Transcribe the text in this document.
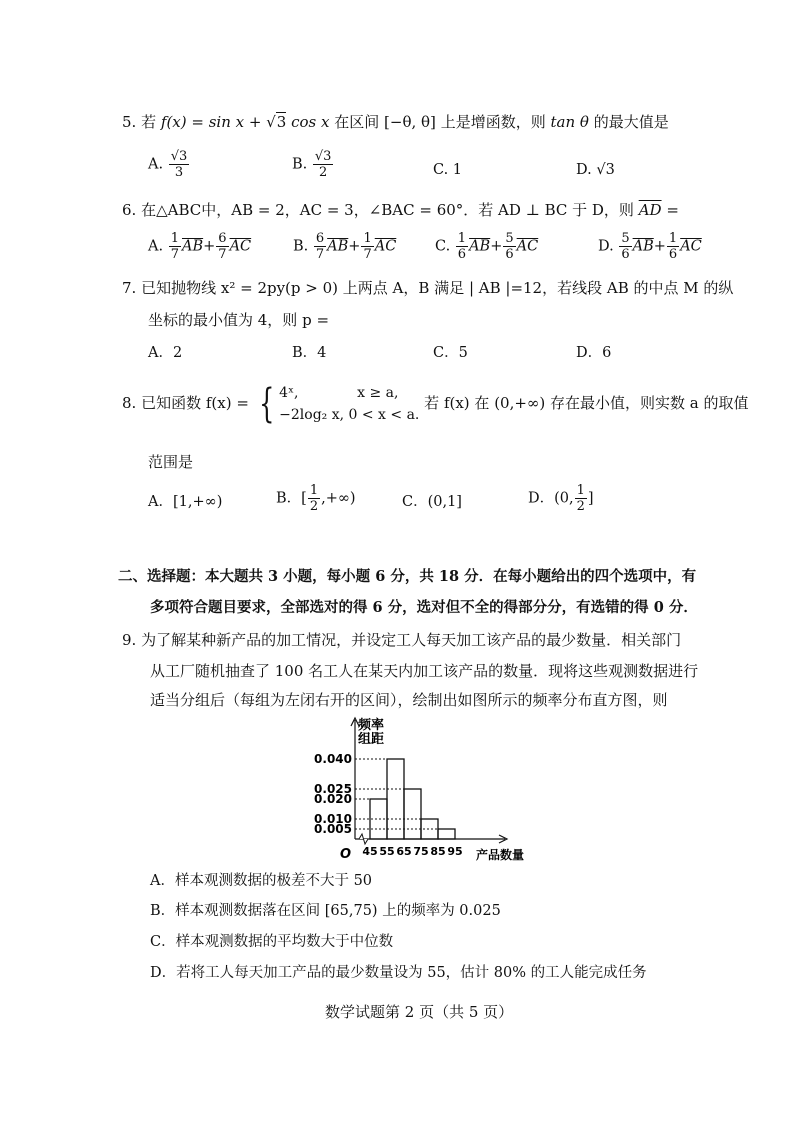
5. 若 f(x) = sin x + √3 cos x 在区间 [−θ, θ] 上是增函数，则 tan θ 的最大值是
A. $\frac{√3}{3}$	B. $\frac{√3}{2}$	C. 1	D. √3
6. 在△ABC中，AB = 2，AC = 3，∠BAC = 60°．若 AD ⊥ BC 于 D，则 $\overline{AD}$ =
A. $\frac{1}{7} \overline{AB}+ \frac{6}{7} \overline{AC}$	B. $\frac{6}{7} \overline{AB}+ \frac{1}{7} \overline{AC}$	C. $\frac{1}{6} \overline{AB}+ \frac{5}{6} \overline{AC}$	D. $\frac{5}{6} \overline{AB}+ \frac{1}{6} \overline{AC}$
7. 已知抛物线 x² = 2py(p > 0) 上两点 A，B 满足 | AB |=12，若线段 AB 的中点 M 的纵
坐标的最小值为 4，则 p =
A．2	B．4	C．5	D．6
8. 已知函数 f(x) = { 4ˣ,	x ≥ a,
−2log₂ x, 0 < x < a.
若 f(x) 在 (0,+∞) 存在最小值，则实数 a 的取值
范围是
A．[1,+∞)	B．[ $\frac{1}{2}$ ,+∞)	C．(0,1]	D．(0, $\frac{1}{2}$ ]
二、选择题：本大题共 3 小题，每小题 6 分，共 18 分．在每小题给出的四个选项中，有
多项符合题目要求，全部选对的得 6 分，选对但不全的得部分分，有选错的得 0 分．
9. 为了解某种新产品的加工情况，并设定工人每天加工该产品的最少数量．相关部门
从工厂随机抽查了 100 名工人在某天内加工该产品的数量．现将这些观测数据进行
适当分组后（每组为左闭右开的区间），绘制出如图所示的频率分布直方图，则
0.040
0.025
0.020
0.010
0.005
45 55 65 75 85 95
频率
组距
产品数量
O
A．样本观测数据的极差不大于 50
B．样本观测数据落在区间 [65,75) 上的频率为 0.025
C．样本观测数据的平均数大于中位数
D．若将工人每天加工产品的最少数量设为 55，估计 80% 的工人能完成任务
数学试题第 2 页（共 5 页）
